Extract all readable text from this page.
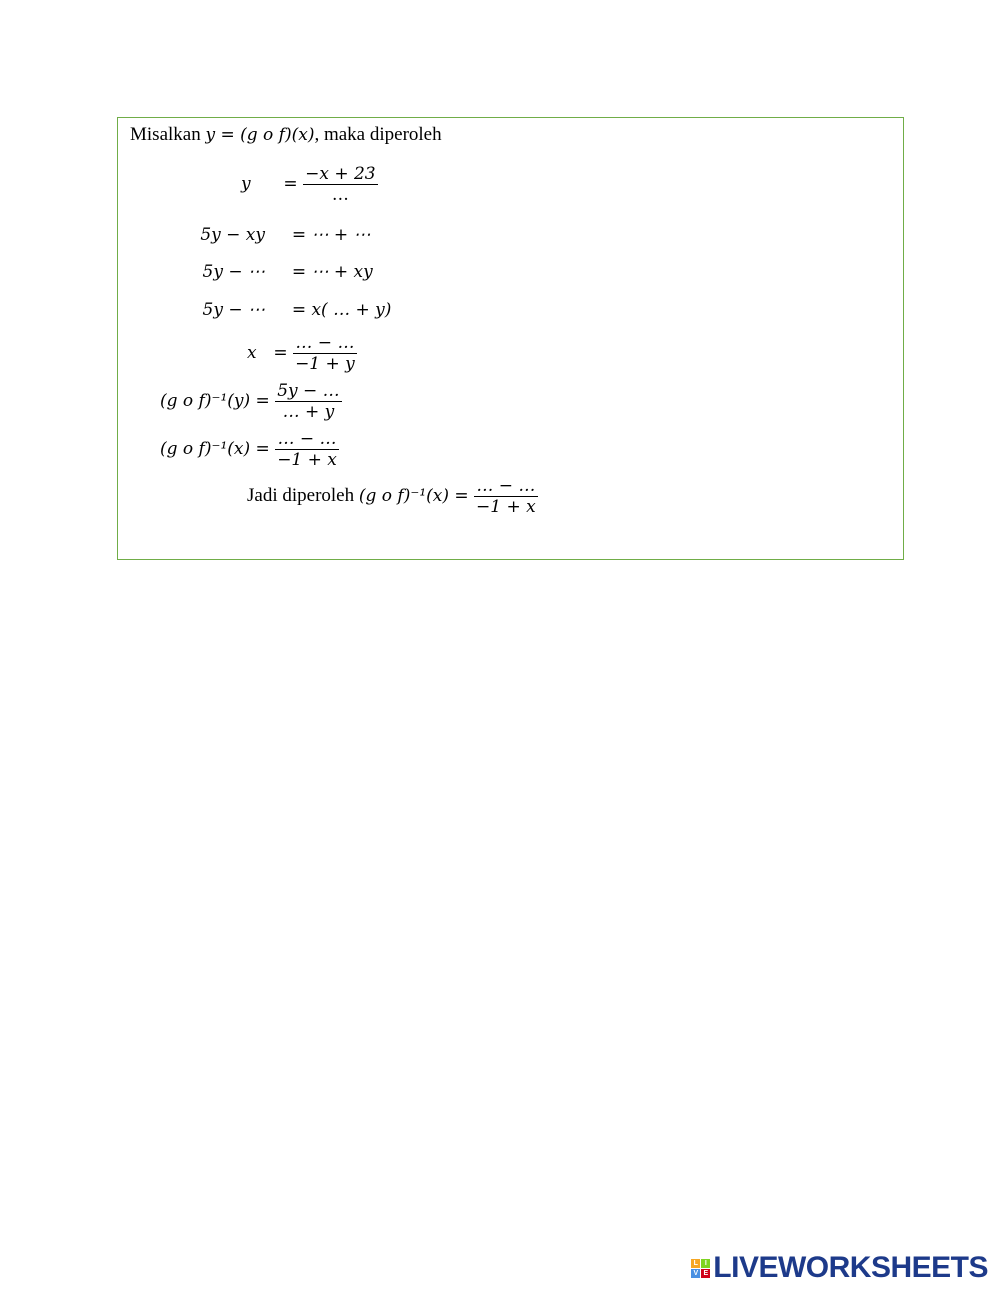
Misalkan y = (g o f)(x), maka diperoleh
$y = \frac{-x + 23}{\dots}$
5y − xy = ⋯ + ⋯
5y − ⋯ = ⋯ + xy
5y − ⋯ = x( … + y)
$x = \frac{\dots - \dots}{-1 + y}$
(g o $f)^{-1}(y) = \frac{5y - \dots}{\dots + y}$
(g o $f)^{-1}(x) = \frac{\dots - \dots}{-1 + x}$
Jadi diperoleh (g o $f)^{-1}(x) = \frac{\dots - \dots}{-1 + x}$
L I
V E LIVEWORKSHEETS
